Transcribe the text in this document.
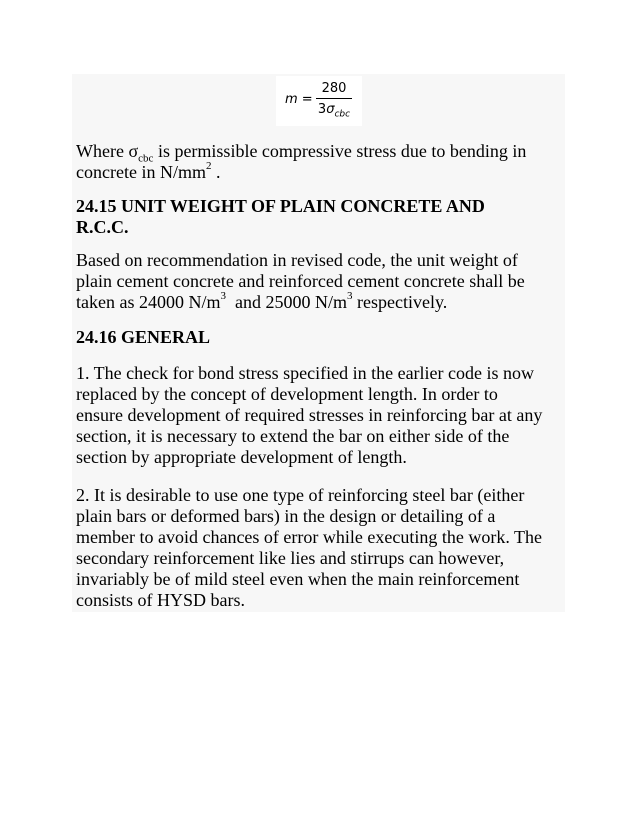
m =
280
$3\sigma_{cbc}$
Where $\sigma_{cbc}$ is permissible compressive stress due to bending in
concrete in $N/mm^2$ .
24.15 UNIT WEIGHT OF PLAIN CONCRETE AND
R.C.C.
Based on recommendation in revised code, the unit weight of
plain cement concrete and reinforced cement concrete shall be
taken as 24000 $N/m^3$  and 25000 $N/m^3$ respectively.
24.16 GENERAL
1. The check for bond stress specified in the earlier code is now
replaced by the concept of development length. In order to
ensure development of required stresses in reinforcing bar at any
section, it is necessary to extend the bar on either side of the
section by appropriate development of length.
2. It is desirable to use one type of reinforcing steel bar (either
plain bars or deformed bars) in the design or detailing of a
member to avoid chances of error while executing the work. The
secondary reinforcement like lies and stirrups can however,
invariably be of mild steel even when the main reinforcement
consists of HYSD bars.
